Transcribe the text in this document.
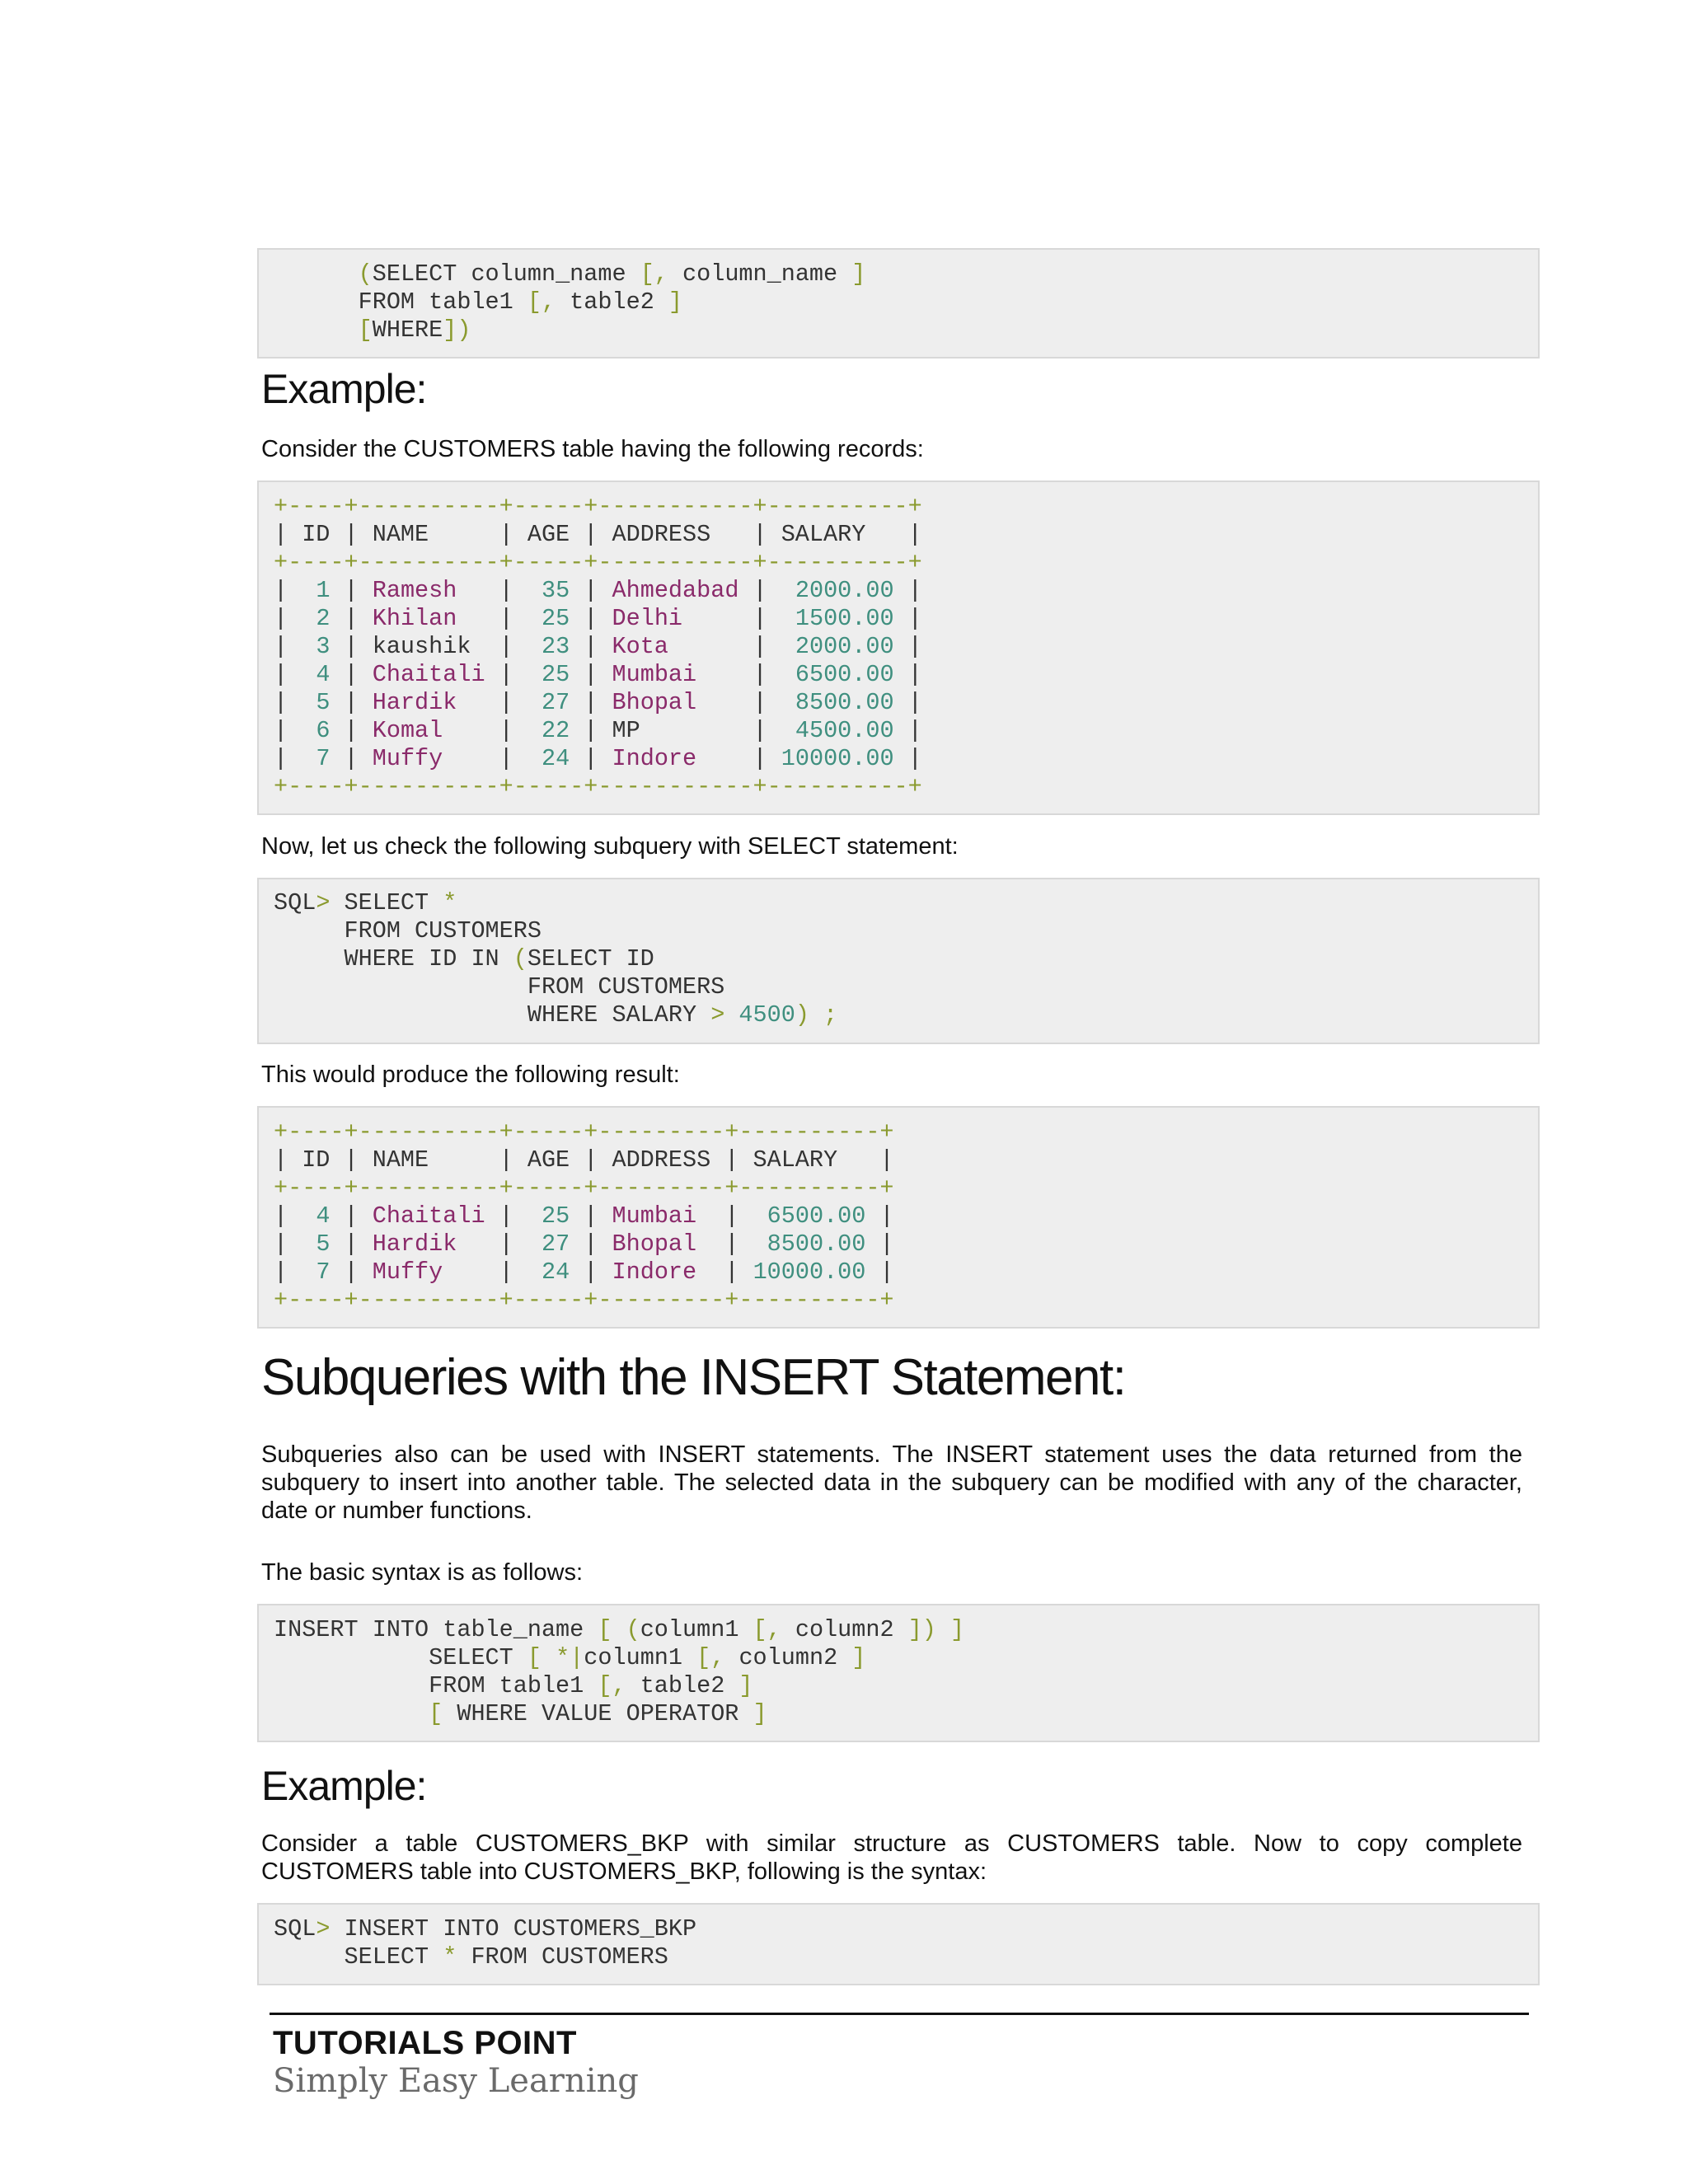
(SELECT column_name [, column_name ]
FROM table1 [, table2 ]
[WHERE])
Example:

Consider the CUSTOMERS table having the following records:

+----+----------+-----+-----------+----------+
| ID | NAME     | AGE | ADDRESS   | SALARY   |
+----+----------+-----+-----------+----------+
|  1 | Ramesh   |  35 | Ahmedabad |  2000.00 |
|  2 | Khilan   |  25 | Delhi     |  1500.00 |
|  3 | kaushik  |  23 | Kota      |  2000.00 |
|  4 | Chaitali |  25 | Mumbai    |  6500.00 |
|  5 | Hardik   |  27 | Bhopal    |  8500.00 |
|  6 | Komal    |  22 | MP        |  4500.00 |
|  7 | Muffy    |  24 | Indore    | 10000.00 |
+----+----------+-----+-----------+----------+

Now, let us check the following subquery with SELECT statement:

SQL> SELECT *
FROM CUSTOMERS
WHERE ID IN (SELECT ID
FROM CUSTOMERS
WHERE SALARY > 4500) ;

This would produce the following result:

+----+----------+-----+---------+----------+
| ID | NAME     | AGE | ADDRESS | SALARY   |
+----+----------+-----+---------+----------+
|  4 | Chaitali |  25 | Mumbai  |  6500.00 |
|  5 | Hardik   |  27 | Bhopal  |  8500.00 |
|  7 | Muffy    |  24 | Indore  | 10000.00 |
+----+----------+-----+---------+----------+
Subqueries with the INSERT Statement:

Subqueries also can be used with INSERT statements. The INSERT statement uses the data returned from the

subquery to insert into another table. The selected data in the subquery can be modified with any of the character,

date or number functions.

The basic syntax is as follows:

INSERT INTO table_name [ (column1 [, column2 ]) ]
SELECT [ *|column1 [, column2 ]
FROM table1 [, table2 ]
[ WHERE VALUE OPERATOR ]
Example:

Consider a table CUSTOMERS_BKP with similar structure as CUSTOMERS table. Now to copy complete

CUSTOMERS table into CUSTOMERS_BKP, following is the syntax:

SQL> INSERT INTO CUSTOMERS_BKP
SELECT * FROM CUSTOMERS
TUTORIALS POINT
Simply Easy Learning
